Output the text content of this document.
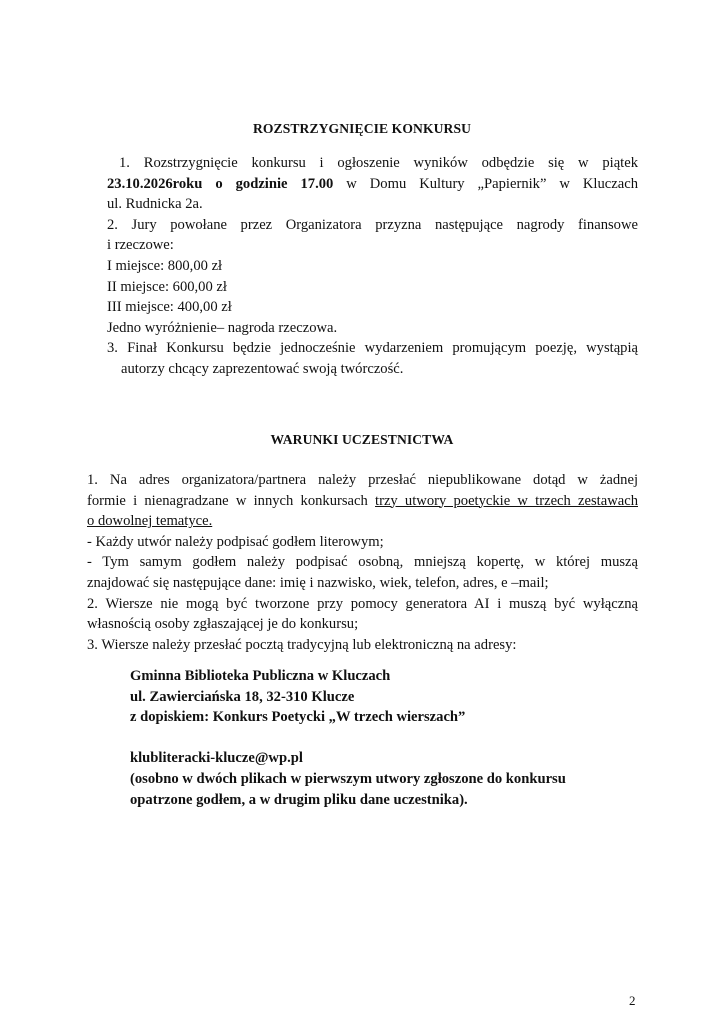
ROZSTRZYGNIĘCIE KONKURSU

1. Rozstrzygnięcie konkursu i ogłoszenie wyników odbędzie się w piątek

23.10.2026roku o godzinie 17.00 w Domu Kultury „Papiernik” w Kluczach

ul. Rudnicka 2a.

2. Jury powołane przez Organizatora przyzna następujące nagrody finansowe

i rzeczowe:

I miejsce: 800,00 zł

II miejsce: 600,00 zł

III miejsce: 400,00 zł

Jedno wyróżnienie– nagroda rzeczowa.

3. Finał Konkursu będzie jednocześnie wydarzeniem promującym poezję, wystąpią

autorzy chcący zaprezentować swoją twórczość.

WARUNKI UCZESTNICTWA

1. Na adres organizatora/partnera należy przesłać niepublikowane dotąd w żadnej

formie i nienagradzane w innych konkursach trzy utwory poetyckie w trzech zestawach

o dowolnej tematyce.

- Każdy utwór należy podpisać godłem literowym;

- Tym samym godłem należy podpisać osobną, mniejszą kopertę, w której muszą

znajdować się następujące dane: imię i nazwisko, wiek, telefon, adres, e –mail;

2. Wiersze nie mogą być tworzone przy pomocy generatora AI i muszą być wyłączną

własnością osoby zgłaszającej je do konkursu;

3. Wiersze należy przesłać pocztą tradycyjną lub elektroniczną na adresy:

Gminna Biblioteka Publiczna w Kluczach

ul. Zawierciańska 18, 32-310 Klucze

z dopiskiem: Konkurs Poetycki „W trzech wierszach”

klubliteracki-klucze@wp.pl

(osobno w dwóch plikach w pierwszym utwory zgłoszone do konkursu

opatrzone godłem, a w drugim pliku dane uczestnika).

2
